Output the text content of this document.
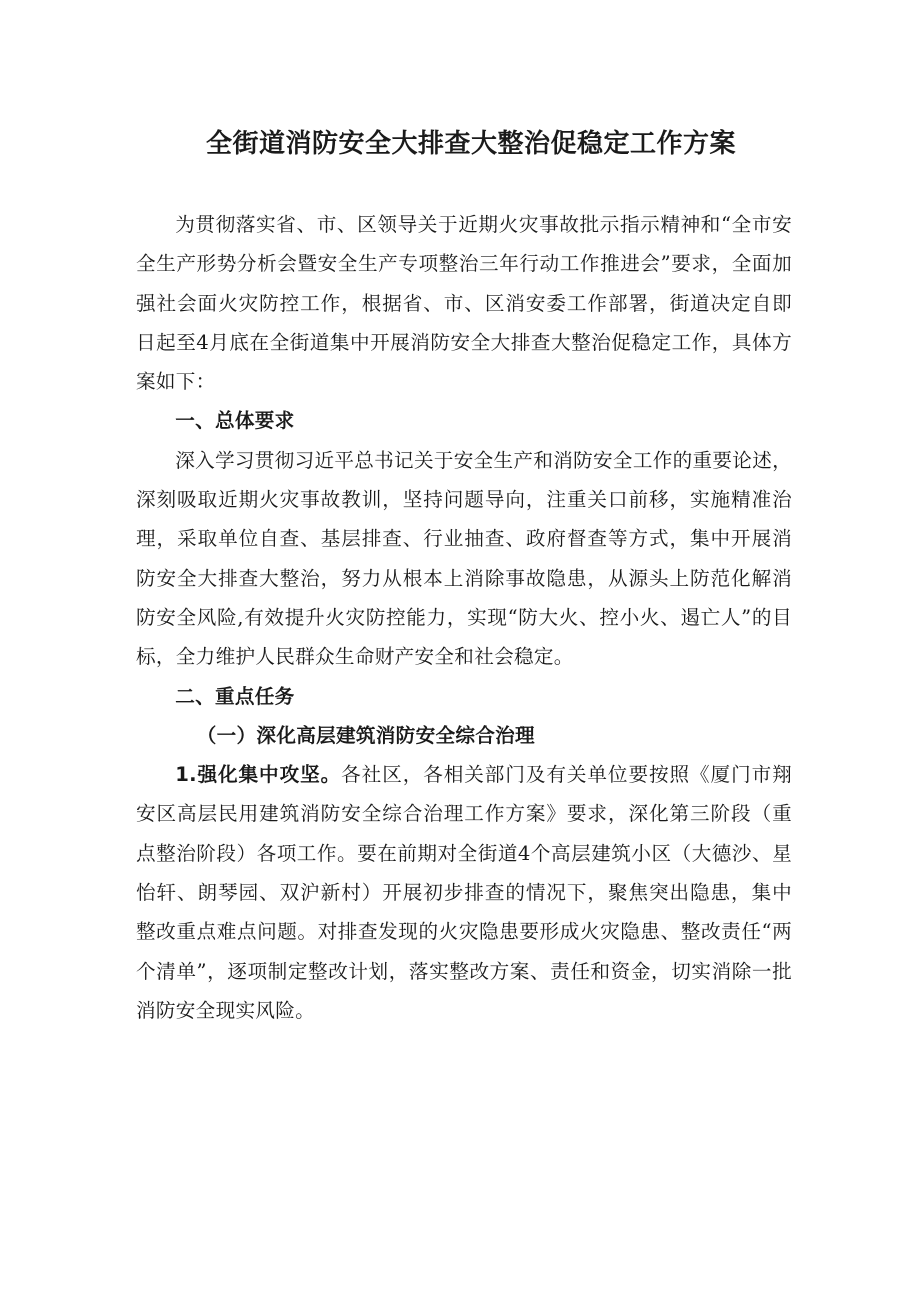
全街道消防安全大排查大整治促稳定工作方案

为贯彻落实省、市、区领导关于近期火灾事故批示指示精神和“全市安全生产形势分析会暨安全生产专项整治三年行动工作推进会”要求，全面加强社会面火灾防控工作，根据省、市、区消安委工作部署，街道决定自即日起至4月底在全街道集中开展消防安全大排查大整治促稳定工作，具体方案如下：

一、总体要求

深入学习贯彻习近平总书记关于安全生产和消防安全工作的重要论述，深刻吸取近期火灾事故教训，坚持问题导向，注重关口前移，实施精准治理，采取单位自查、基层排查、行业抽查、政府督查等方式，集中开展消防安全大排查大整治，努力从根本上消除事故隐患，从源头上防范化解消防安全风险,有效提升火灾防控能力，实现“防大火、控小火、遏亡人”的目标，全力维护人民群众生命财产安全和社会稳定。

二、重点任务
（一）深化高层建筑消防安全综合治理

1.强化集中攻坚。各社区，各相关部门及有关单位要按照《厦门市翔安区高层民用建筑消防安全综合治理工作方案》要求，深化第三阶段（重点整治阶段）各项工作。要在前期对全街道4个高层建筑小区（大德沙、星怡轩、朗琴园、双沪新村）开展初步排查的情况下，聚焦突出隐患，集中整改重点难点问题。对排查发现的火灾隐患要形成火灾隐患、整改责任“两个清单”，逐项制定整改计划，落实整改方案、责任和资金，切实消除一批消防安全现实风险。
